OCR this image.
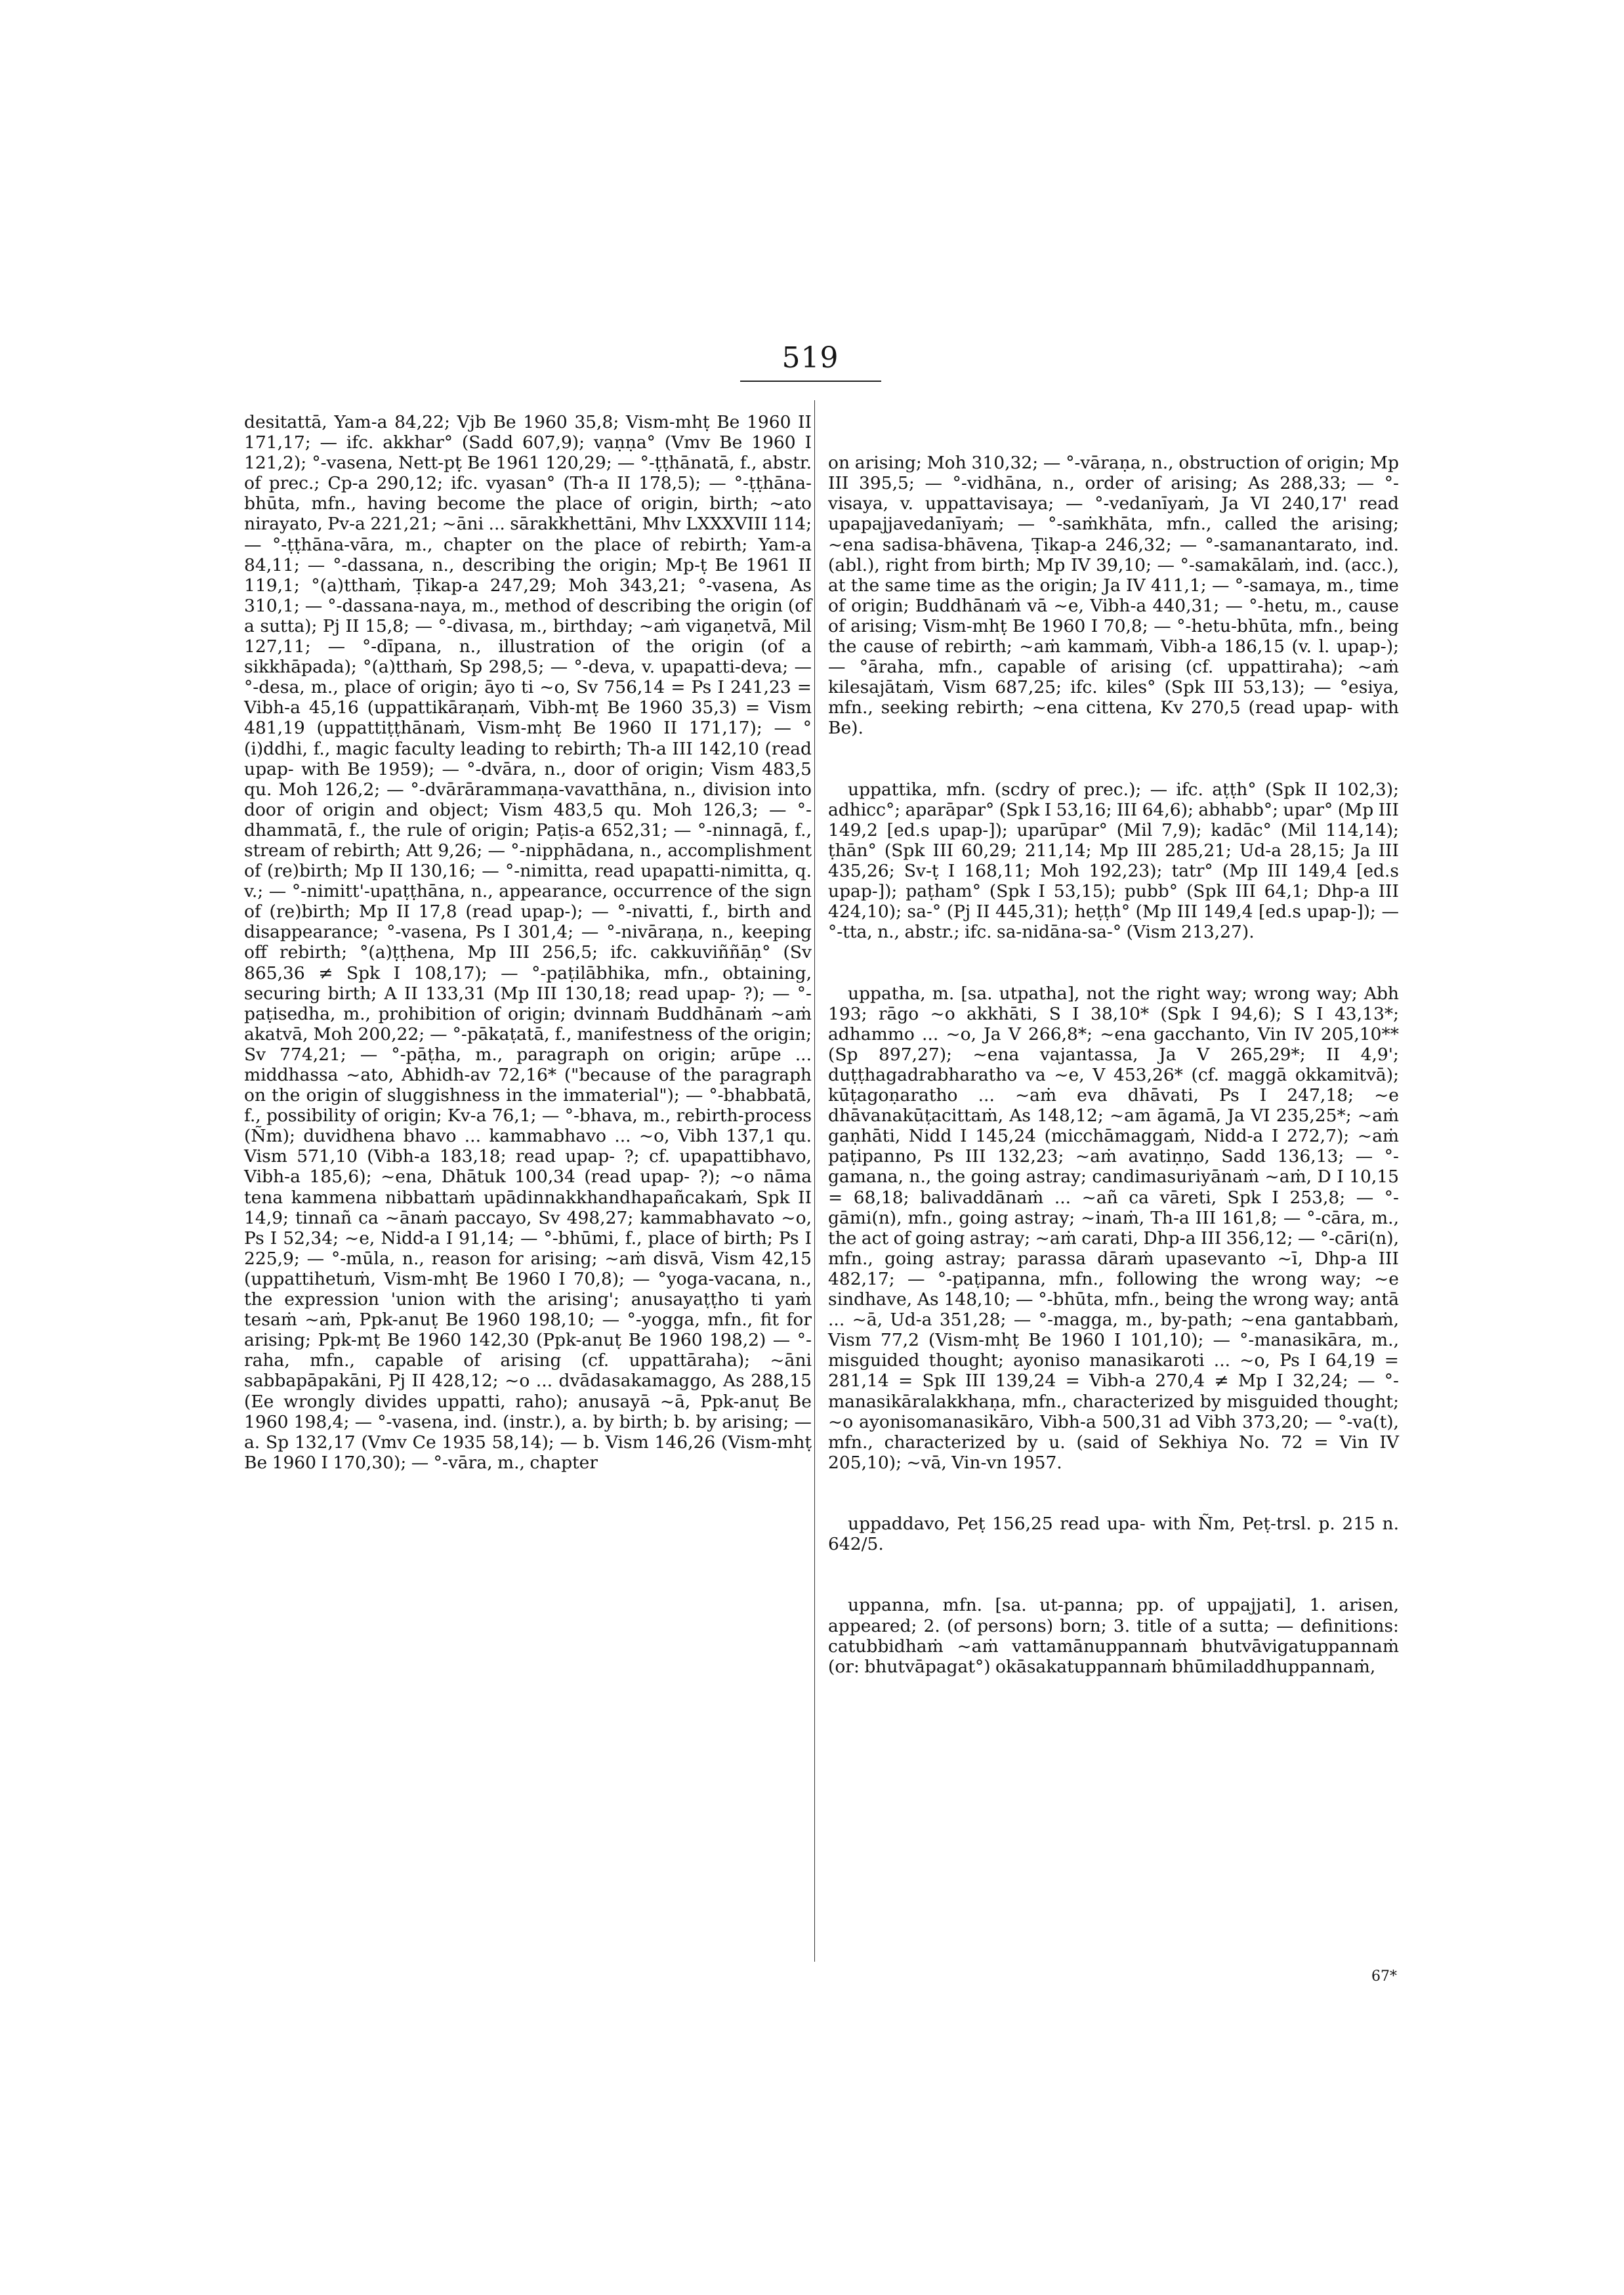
519

desitattā, Yam-a 84,22; Vjb Be 1960 35,8; Vism-mhṭ Be 1960 II 171,17; — ifc. akkhar° (Sadd 607,9); vaṇṇa° (Vmv Be 1960 I 121,2); °-vasena, Nett-pṭ Be 1961 120,29; — °-ṭṭhānatā, f., abstr. of prec.; Cp-a 290,12; ifc. vyasan° (Th-a II 178,5); — °-ṭṭhāna-bhūta, mfn., having become the place of origin, birth; ~ato nirayato, Pv-a 221,21; ~āni ... sārakkhettāni, Mhv LXXXVIII 114; — °-ṭṭhāna-vāra, m., chapter on the place of rebirth; Yam-a 84,11; — °-dassana, n., describing the origin; Mp-ṭ Be 1961 II 119,1; °(a)tthaṁ, Ṭikap-a 247,29; Moh 343,21; °-vasena, As 310,1; — °-dassana-naya, m., method of describing the origin (of a sutta); Pj II 15,8; — °-divasa, m., birthday; ~aṁ vigaṇetvā, Mil 127,11; — °-dīpana, n., illustration of the origin (of a sikkhāpada); °(a)tthaṁ, Sp 298,5; — °-deva, v. upapatti-deva; — °-desa, m., place of origin; āyo ti ~o, Sv 756,14 = Ps I 241,23 = Vibh-a 45,16 (uppattikāraṇaṁ, Vibh-mṭ Be 1960 35,3) = Vism 481,19 (uppattiṭṭhānaṁ, Vism-mhṭ Be 1960 II 171,17); — °(i)ddhi, f., magic faculty leading to rebirth; Th-a III 142,10 (read upap- with Be 1959); — °-dvāra, n., door of origin; Vism 483,5 qu. Moh 126,2; — °-dvārārammaṇa-vavatthāna, n., division into door of origin and object; Vism 483,5 qu. Moh 126,3; — °-dhammatā, f., the rule of origin; Paṭis-a 652,31; — °-ninnagā, f., stream of rebirth; Att 9,26; — °-nipphādana, n., accomplishment of (re)birth; Mp II 130,16; — °-nimitta, read upapatti-nimitta, q. v.; — °-nimitt'-upaṭṭhāna, n., appearance, occurrence of the sign of (re)birth; Mp II 17,8 (read upap-); — °-nivatti, f., birth and disappearance; °-vasena, Ps I 301,4; — °-nivāraṇa, n., keeping off rebirth; °(a)ṭṭhena, Mp III 256,5; ifc. cakkuviññāṇ° (Sv 865,36 ≠ Spk I 108,17); — °-paṭilābhika, mfn., obtaining, securing birth; A II 133,31 (Mp III 130,18; read upap- ?); — °-paṭisedha, m., prohibition of origin; dvinnaṁ Buddhānaṁ ~aṁ akatvā, Moh 200,22; — °-pākaṭatā, f., manifestness of the origin; Sv 774,21; — °-pāṭha, m., paragraph on origin; arūpe ... middhassa ~ato, Abhidh-av 72,16* ("because of the paragraph on the origin of sluggishness in the immaterial"); — °-bhabbatā, f., possibility of origin; Kv-a 76,1; — °-bhava, m., rebirth-process (Ñm); duvidhena bhavo ... kammabhavo ... ~o, Vibh 137,1 qu. Vism 571,10 (Vibh-a 183,18; read upap- ?; cf. upapattibhavo, Vibh-a 185,6); ~ena, Dhātuk 100,34 (read upap- ?); ~o nāma tena kammena nibbattaṁ upādinnakkhandhapañcakaṁ, Spk II 14,9; tinnañ ca ~ānaṁ paccayo, Sv 498,27; kammabhavato ~o, Ps I 52,34; ~e, Nidd-a I 91,14; — °-bhūmi, f., place of birth; Ps I 225,9; — °-mūla, n., reason for arising; ~aṁ disvā, Vism 42,15 (uppattihetuṁ, Vism-mhṭ Be 1960 I 70,8); — °yoga-vacana, n., the expression 'union with the arising'; anusayaṭṭho ti yaṁ tesaṁ ~aṁ, Ppk-anuṭ Be 1960 198,10; — °-yogga, mfn., fit for arising; Ppk-mṭ Be 1960 142,30 (Ppk-anuṭ Be 1960 198,2) — °-raha, mfn., capable of arising (cf. uppattāraha); ~āni sabbapāpakāni, Pj II 428,12; ~o ... dvādasakamaggo, As 288,15 (Ee wrongly divides uppatti, raho); anusayā ~ā, Ppk-anuṭ Be 1960 198,4; — °-vasena, ind. (instr.), a. by birth; b. by arising; — a. Sp 132,17 (Vmv Ce 1935 58,14); — b. Vism 146,26 (Vism-mhṭ Be 1960 I 170,30); — °-vāra, m., chapter

on arising; Moh 310,32; — °-vāraṇa, n., obstruction of origin; Mp III 395,5; — °-vidhāna, n., order of arising; As 288,33; — °-visaya, v. uppattavisaya; — °-vedanīyaṁ, Ja VI 240,17' read upapajjavedanīyaṁ; — °-saṁkhāta, mfn., called the arising; ~ena sadisa-bhāvena, Ṭikap-a 246,32; — °-samanantarato, ind. (abl.), right from birth; Mp IV 39,10; — °-samakālaṁ, ind. (acc.), at the same time as the origin; Ja IV 411,1; — °-samaya, m., time of origin; Buddhānaṁ vā ~e, Vibh-a 440,31; — °-hetu, m., cause of arising; Vism-mhṭ Be 1960 I 70,8; — °-hetu-bhūta, mfn., being the cause of rebirth; ~aṁ kammaṁ, Vibh-a 186,15 (v. l. upap-); — °āraha, mfn., capable of arising (cf. uppattiraha); ~aṁ kilesajātaṁ, Vism 687,25; ifc. kiles° (Spk III 53,13); — °esiya, mfn., seeking rebirth; ~ena cittena, Kv 270,5 (read upap- with Be).

uppattika, mfn. (scdry of prec.); — ifc. aṭṭh° (Spk II 102,3); adhicc°; aparāpar° (Spk I 53,16; III 64,6); abhabb°; upar° (Mp III 149,2 [ed.s upap-]); uparūpar° (Mil 7,9); kadāc° (Mil 114,14); ṭhān° (Spk III 60,29; 211,14; Mp III 285,21; Ud-a 28,15; Ja III 435,26; Sv-ṭ I 168,11; Moh 192,23); tatr° (Mp III 149,4 [ed.s upap-]); paṭham° (Spk I 53,15); pubb° (Spk III 64,1; Dhp-a III 424,10); sa-° (Pj II 445,31); heṭṭh° (Mp III 149,4 [ed.s upap-]); — °-tta, n., abstr.; ifc. sa-nidāna-sa-° (Vism 213,27).

uppatha, m. [sa. utpatha], not the right way; wrong way; Abh 193; rāgo ~o akkhāti, S I 38,10* (Spk I 94,6); S I 43,13*; adhammo ... ~o, Ja V 266,8*; ~ena gacchanto, Vin IV 205,10** (Sp 897,27); ~ena vajantassa, Ja V 265,29*; II 4,9'; duṭṭhagadrabharatho va ~e, V 453,26* (cf. maggā okkamitvā); kūṭagoṇaratho ... ~aṁ eva dhāvati, Ps I 247,18; ~e dhāvanakūṭacittaṁ, As 148,12; ~am āgamā, Ja VI 235,25*; ~aṁ gaṇhāti, Nidd I 145,24 (micchāmaggaṁ, Nidd-a I 272,7); ~aṁ paṭipanno, Ps III 132,23; ~aṁ avatiṇṇo, Sadd 136,13; — °-gamana, n., the going astray; candimasuriyānaṁ ~aṁ, D I 10,15 = 68,18; balivaddānaṁ ... ~añ ca vāreti, Spk I 253,8; — °-gāmi(n), mfn., going astray; ~inaṁ, Th-a III 161,8; — °-cāra, m., the act of going astray; ~aṁ carati, Dhp-a III 356,12; — °-cāri(n), mfn., going astray; parassa dāraṁ upasevanto ~ī, Dhp-a III 482,17; — °-paṭipanna, mfn., following the wrong way; ~e sindhave, As 148,10; — °-bhūta, mfn., being the wrong way; antā ... ~ā, Ud-a 351,28; — °-magga, m., by-path; ~ena gantabbaṁ, Vism 77,2 (Vism-mhṭ Be 1960 I 101,10); — °-manasikāra, m., misguided thought; ayoniso manasikaroti ... ~o, Ps I 64,19 = 281,14 = Spk III 139,24 = Vibh-a 270,4 ≠ Mp I 32,24; — °-manasikāralakkhaṇa, mfn., characterized by misguided thought; ~o ayonisomanasikāro, Vibh-a 500,31 ad Vibh 373,20; — °-va(t), mfn., characterized by u. (said of Sekhiya No. 72 = Vin IV 205,10); ~vā, Vin-vn 1957.

uppaddavo, Peṭ 156,25 read upa- with Ñm, Peṭ-trsl. p. 215 n. 642/5.

uppanna, mfn. [sa. ut-panna; pp. of uppajjati], 1. arisen, appeared; 2. (of persons) born; 3. title of a sutta; — definitions: catubbidhaṁ ~aṁ vattamānuppannaṁ bhutvāvigatuppannaṁ (or: bhutvāpagat°) okāsakatuppannaṁ bhūmiladdhuppannaṁ,

67*
